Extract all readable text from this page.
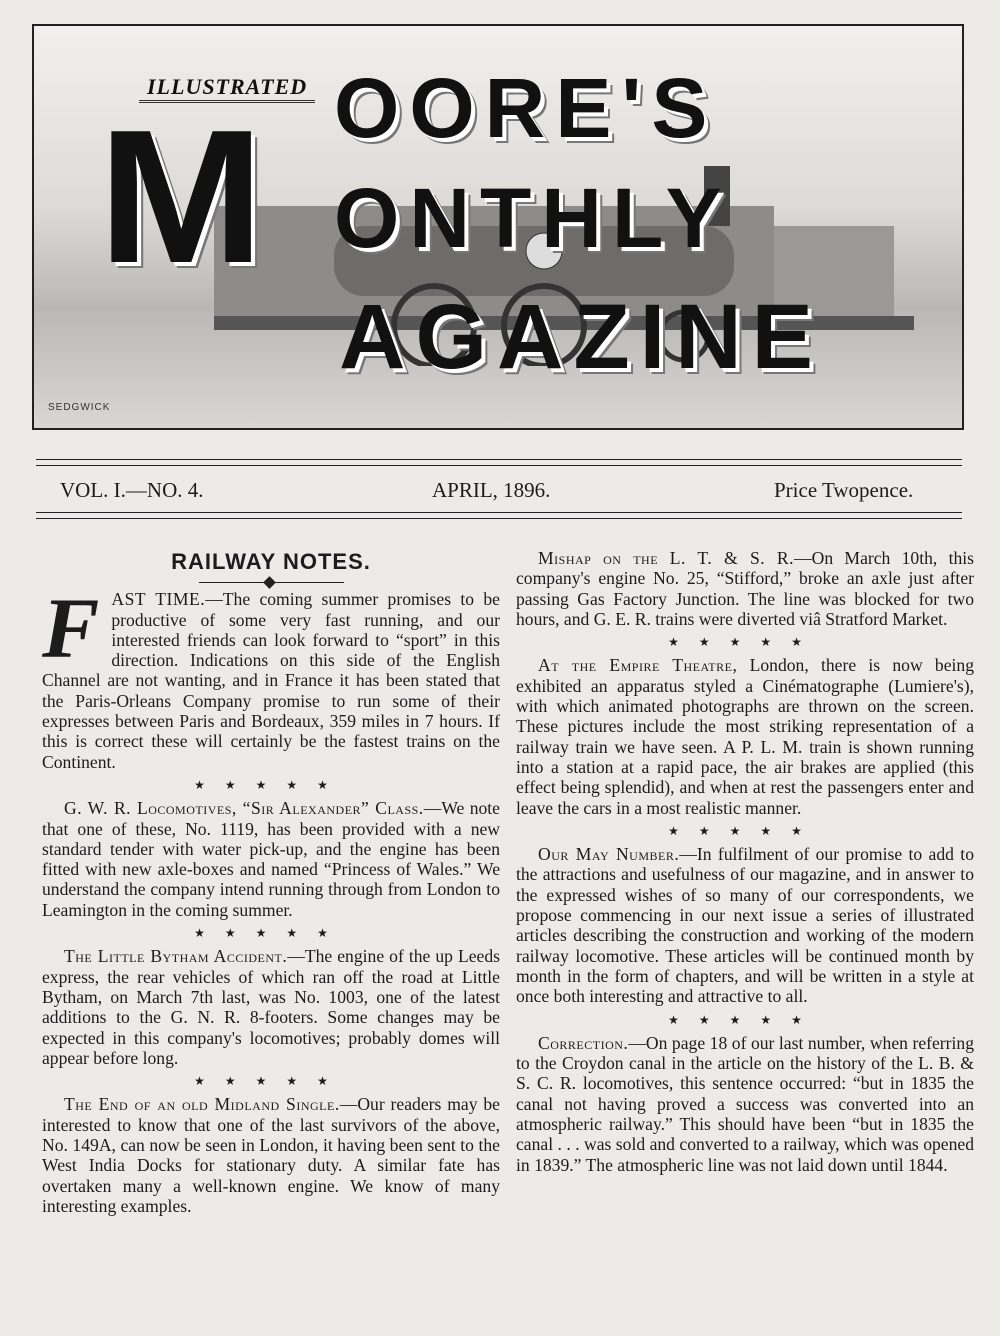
ILLUSTRATED
M OORE'S
ONTHLY
AGAZINE
SEDGWICK
VOL. I.—NO. 4.	APRIL, 1896.	Price Twopence.
RAILWAY NOTES.

FAST TIME.—The coming summer promises to be productive of some very fast running, and our interested friends can look forward to “sport” in this direction. Indications on this side of the English Channel are not wanting, and in France it has been stated that the Paris-Orleans Company promise to run some of their expresses between Paris and Bordeaux, 359 miles in 7 hours. If this is correct these will certainly be the fastest trains on the Continent.

★★★★★

G. W. R. Locomotives, “Sir Alexander” Class.—We note that one of these, No. 1119, has been provided with a new standard tender with water pick-up, and the engine has been fitted with new axle-boxes and named “Princess of Wales.” We understand the company intend running through from London to Leamington in the coming summer.

★★★★★

The Little Bytham Accident.—The engine of the up Leeds express, the rear vehicles of which ran off the road at Little Bytham, on March 7th last, was No. 1003, one of the latest additions to the G. N. R. 8-footers. Some changes may be expected in this company's locomotives; probably domes will appear before long.

★★★★★

The End of an old Midland Single.—Our readers may be interested to know that one of the last survivors of the above, No. 149A, can now be seen in London, it having been sent to the West India Docks for stationary duty. A similar fate has overtaken many a well-known engine. We know of many interesting examples.

Mishap on the L. T. & S. R.—On March 10th, this company's engine No. 25, “Stifford,” broke an axle just after passing Gas Factory Junction. The line was blocked for two hours, and G. E. R. trains were diverted viâ Stratford Market.

★★★★★

At the Empire Theatre, London, there is now being exhibited an apparatus styled a Cinématographe (Lumiere's), with which animated photographs are thrown on the screen. These pictures include the most striking representation of a railway train we have seen. A P. L. M. train is shown running into a station at a rapid pace, the air brakes are applied (this effect being splendid), and when at rest the passengers enter and leave the cars in a most realistic manner.

★★★★★

Our May Number.—In fulfilment of our promise to add to the attractions and usefulness of our magazine, and in answer to the expressed wishes of so many of our correspondents, we propose commencing in our next issue a series of illustrated articles describing the construction and working of the modern railway locomotive. These articles will be continued month by month in the form of chapters, and will be written in a style at once both interesting and attractive to all.

★★★★★

Correction.—On page 18 of our last number, when referring to the Croydon canal in the article on the history of the L. B. & S. C. R. locomotives, this sentence occurred: “but in 1835 the canal not having proved a success was converted into an atmospheric railway.” This should have been “but in 1835 the canal . . . was sold and converted to a railway, which was opened in 1839.” The atmospheric line was not laid down until 1844.
